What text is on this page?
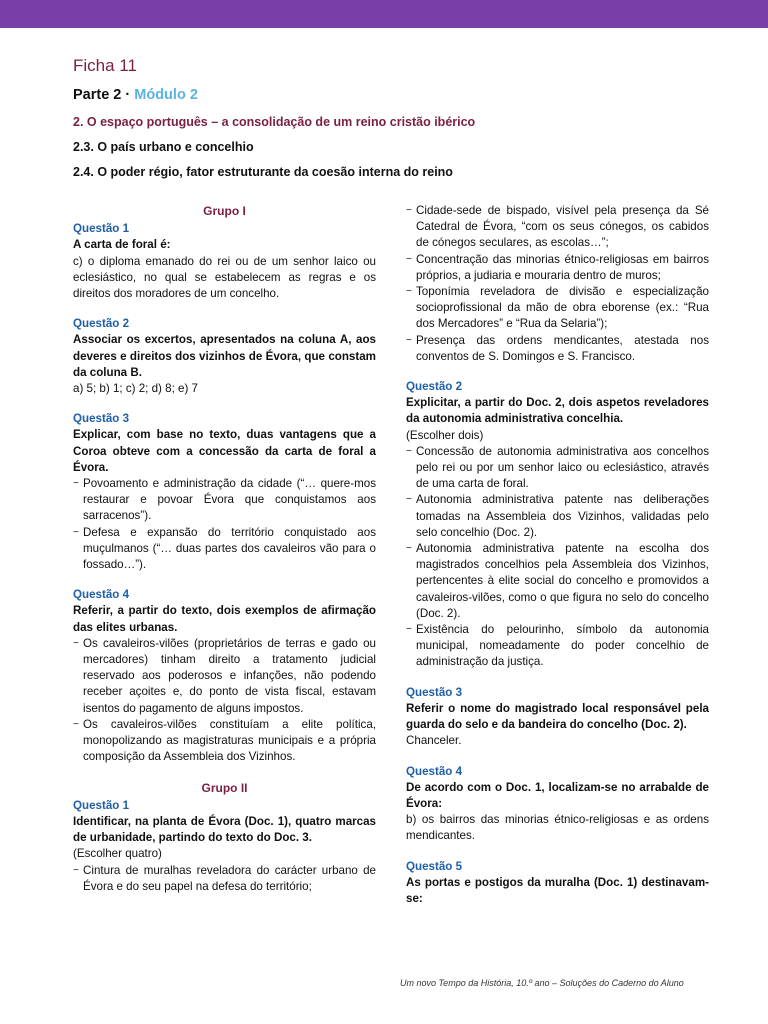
Ficha 11
Parte 2 · Módulo 2
2. O espaço português – a consolidação de um reino cristão ibérico
2.3. O país urbano e concelhio
2.4. O poder régio, fator estruturante da coesão interna do reino
Grupo I
Questão 1
A carta de foral é:
c) o diploma emanado do rei ou de um senhor laico ou eclesiástico, no qual se estabelecem as regras e os direitos dos moradores de um concelho.
Questão 2
Associar os excertos, apresentados na coluna A, aos deveres e direitos dos vizinhos de Évora, que constam da coluna B.
a) 5; b) 1; c) 2; d) 8; e) 7
Questão 3
Explicar, com base no texto, duas vantagens que a Coroa obteve com a concessão da carta de foral a Évora.
− Povoamento e administração da cidade (“… quere-mos restaurar e povoar Évora que conquistamos aos sarracenos”).
− Defesa e expansão do território conquistado aos muçulmanos (“… duas partes dos cavaleiros vão para o fossado…”).
Questão 4
Referir, a partir do texto, dois exemplos de afirmação das elites urbanas.
− Os cavaleiros-vilões (proprietários de terras e gado ou mercadores) tinham direito a tratamento judicial reservado aos poderosos e infanções, não podendo receber açoites e, do ponto de vista fiscal, estavam isentos do pagamento de alguns impostos.
− Os cavaleiros-vilões constituíam a elite política, monopolizando as magistraturas municipais e a própria composição da Assembleia dos Vizinhos.
Grupo II
Questão 1
Identificar, na planta de Évora (Doc. 1), quatro marcas de urbanidade, partindo do texto do Doc. 3.
(Escolher quatro)
− Cintura de muralhas reveladora do carácter urbano de Évora e do seu papel na defesa do território;
− Cidade-sede de bispado, visível pela presença da Sé Catedral de Évora, “com os seus cónegos, os cabidos de cónegos seculares, as escolas…”;
− Concentração das minorias étnico-religiosas em bairros próprios, a judiaria e mouraria dentro de muros;
− Toponímia reveladora de divisão e especialização socioprofissional da mão de obra eborense (ex.: “Rua dos Mercadores” e “Rua da Selaria”);
− Presença das ordens mendicantes, atestada nos conventos de S. Domingos e S. Francisco.
Questão 2
Explicitar, a partir do Doc. 2, dois aspetos reveladores da autonomia administrativa concelhia.
(Escolher dois)
− Concessão de autonomia administrativa aos concelhos pelo rei ou por um senhor laico ou eclesiástico, através de uma carta de foral.
− Autonomia administrativa patente nas deliberações tomadas na Assembleia dos Vizinhos, validadas pelo selo concelhio (Doc. 2).
− Autonomia administrativa patente na escolha dos magistrados concelhios pela Assembleia dos Vizinhos, pertencentes à elite social do concelho e promovidos a cavaleiros-vilões, como o que figura no selo do concelho (Doc. 2).
− Existência do pelourinho, símbolo da autonomia municipal, nomeadamente do poder concelhio de administração da justiça.
Questão 3
Referir o nome do magistrado local responsável pela guarda do selo e da bandeira do concelho (Doc. 2).
Chanceler.
Questão 4
De acordo com o Doc. 1, localizam-se no arrabalde de Évora:
b) os bairros das minorias étnico-religiosas e as ordens mendicantes.
Questão 5
As portas e postigos da muralha (Doc. 1) destinavam-se:
Um novo Tempo da História, 10.º ano – Soluções do Caderno do Aluno
